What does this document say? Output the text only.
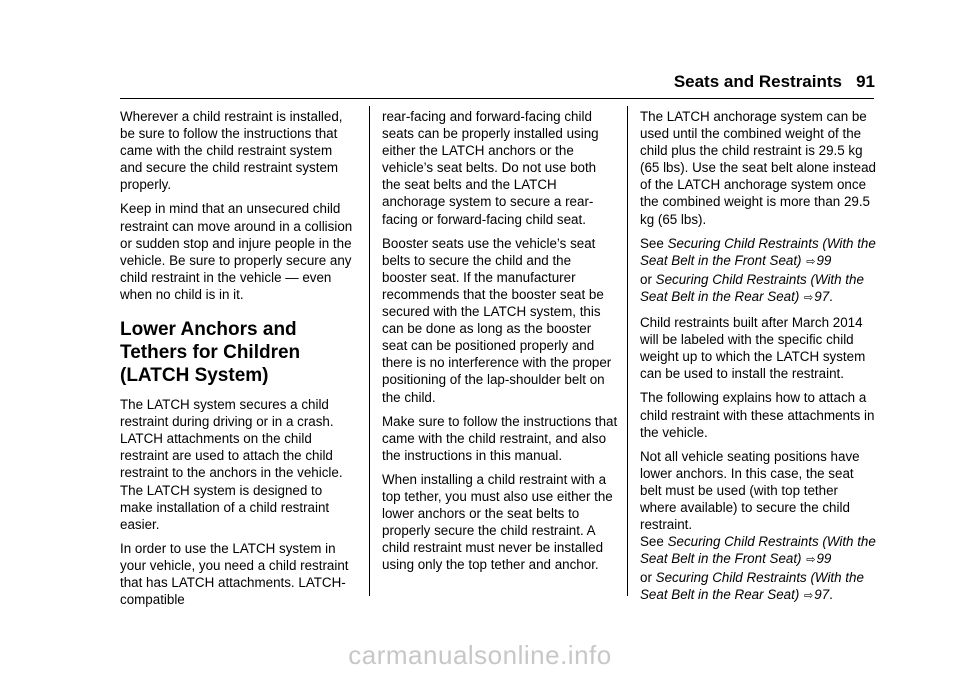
Seats and Restraints 91

Wherever a child restraint is installed, be sure to follow the instructions that came with the child restraint system and secure the child restraint system properly.

Keep in mind that an unsecured child restraint can move around in a collision or sudden stop and injure people in the vehicle. Be sure to properly secure any child restraint in the vehicle — even when no child is in it.

Lower Anchors and Tethers for Children (LATCH System)

The LATCH system secures a child restraint during driving or in a crash. LATCH attachments on the child restraint are used to attach the child restraint to the anchors in the vehicle. The LATCH system is designed to make installation of a child restraint easier.

In order to use the LATCH system in your vehicle, you need a child restraint that has LATCH attachments. LATCH-compatible

rear-facing and forward-facing child seats can be properly installed using either the LATCH anchors or the vehicle’s seat belts. Do not use both the seat belts and the LATCH anchorage system to secure a rear-facing or forward-facing child seat.

Booster seats use the vehicle’s seat belts to secure the child and the booster seat. If the manufacturer recommends that the booster seat be secured with the LATCH system, this can be done as long as the booster seat can be positioned properly and there is no interference with the proper positioning of the lap-shoulder belt on the child.

Make sure to follow the instructions that came with the child restraint, and also the instructions in this manual.

When installing a child restraint with a top tether, you must also use either the lower anchors or the seat belts to properly secure the child restraint. A child restraint must never be installed using only the top tether and anchor.

The LATCH anchorage system can be used until the combined weight of the child plus the child restraint is 29.5 kg (65 lbs). Use the seat belt alone instead of the LATCH anchorage system once the combined weight is more than 29.5 kg (65 lbs).

See Securing Child Restraints (With the Seat Belt in the Front Seat) ⇨99
or Securing Child Restraints (With the Seat Belt in the Rear Seat) ⇨97.

Child restraints built after March 2014 will be labeled with the specific child weight up to which the LATCH system can be used to install the restraint.

The following explains how to attach a child restraint with these attachments in the vehicle.

Not all vehicle seating positions have lower anchors. In this case, the seat belt must be used (with top tether where available) to secure the child restraint.

See Securing Child Restraints (With the Seat Belt in the Front Seat) ⇨99
or Securing Child Restraints (With the Seat Belt in the Rear Seat) ⇨97.

carmanualsonline.info
